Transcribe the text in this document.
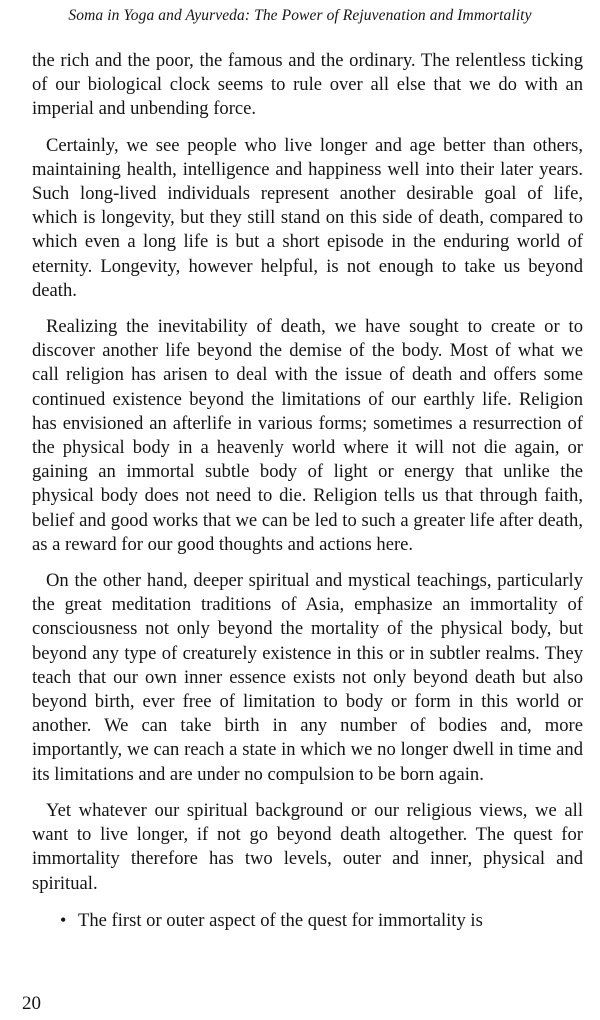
Soma in Yoga and Ayurveda: The Power of Rejuvenation and Immortality

the rich and the poor, the famous and the ordinary. The relentless ticking of our biological clock seems to rule over all else that we do with an imperial and unbending force.

Certainly, we see people who live longer and age better than others, maintaining health, intelligence and happiness well into their later years. Such long-lived individuals represent another desirable goal of life, which is longevity, but they still stand on this side of death, compared to which even a long life is but a short episode in the enduring world of eternity. Longevity, however helpful, is not enough to take us beyond death.

Realizing the inevitability of death, we have sought to create or to discover another life beyond the demise of the body. Most of what we call religion has arisen to deal with the issue of death and offers some continued existence beyond the limitations of our earthly life. Religion has envisioned an afterlife in various forms; sometimes a resurrection of the physical body in a heavenly world where it will not die again, or gaining an immortal subtle body of light or energy that unlike the physical body does not need to die. Religion tells us that through faith, belief and good works that we can be led to such a greater life after death, as a reward for our good thoughts and actions here.

On the other hand, deeper spiritual and mystical teachings, particularly the great meditation traditions of Asia, emphasize an immortality of consciousness not only beyond the mortality of the physical body, but beyond any type of creaturely existence in this or in subtler realms. They teach that our own inner essence exists not only beyond death but also beyond birth, ever free of limitation to body or form in this world or another. We can take birth in any number of bodies and, more importantly, we can reach a state in which we no longer dwell in time and its limitations and are under no compulsion to be born again.

Yet whatever our spiritual background or our religious views, we all want to live longer, if not go beyond death altogether. The quest for immortality therefore has two levels, outer and inner, physical and spiritual.

• The first or outer aspect of the quest for immortality is
20
